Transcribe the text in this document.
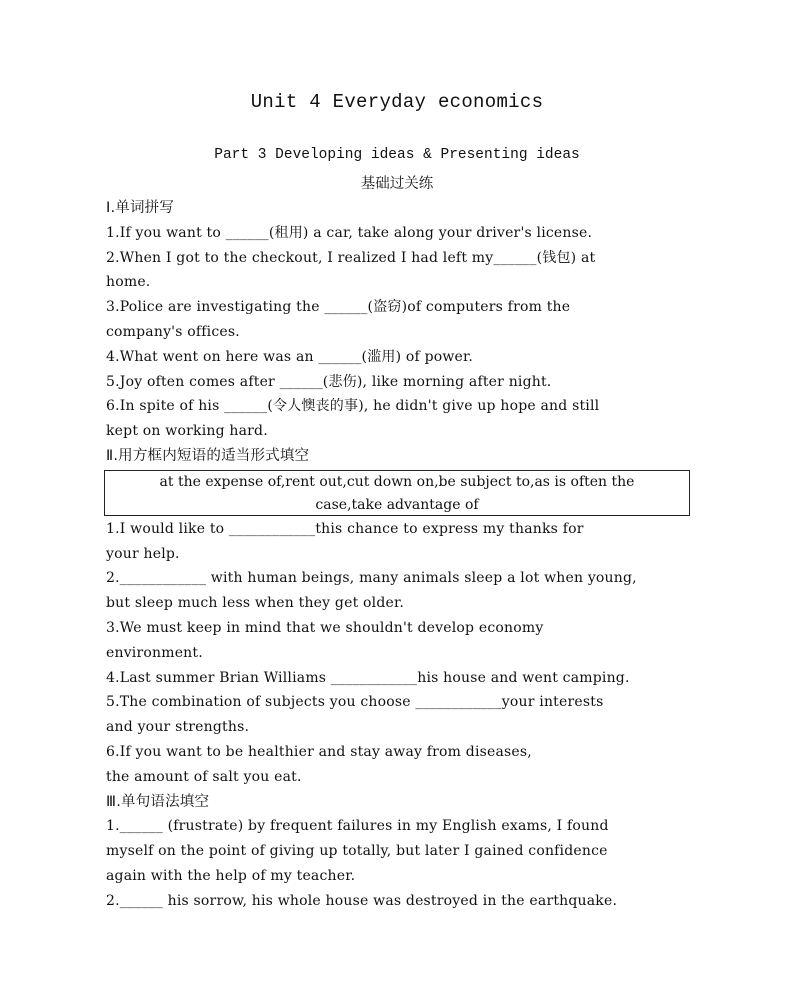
Unit 4 Everyday economics
Part 3 Developing ideas & Presenting ideas
基础过关练
Ⅰ.单词拼写
1.If you want to ______(租用) a car, take along your driver's license.
2.When I got to the checkout, I realized I had left my______(钱包) at
home.
3.Police are investigating the ______(盗窃)of computers from the
company's offices.
4.What went on here was an ______(滥用) of power.
5.Joy often comes after ______(悲伤), like morning after night.
6.In spite of his ______(令人懊丧的事), he didn't give up hope and still
kept on working hard.
Ⅱ.用方框内短语的适当形式填空
at the expense of,rent out,cut down on,be subject to,as is often the
case,take advantage of
1.I would like to ____________this chance to express my thanks for
your help.
2.____________ with human beings, many animals sleep a lot when young,
but sleep much less when they get older.
3.We must keep in mind that we shouldn't develop economy
environment.
4.Last summer Brian Williams ____________his house and went camping.
5.The combination of subjects you choose ____________your interests
and your strengths.
6.If you want to be healthier and stay away from diseases,
the amount of salt you eat.
Ⅲ.单句语法填空
1.______ (frustrate) by frequent failures in my English exams, I found
myself on the point of giving up totally, but later I gained confidence
again with the help of my teacher.
2.______ his sorrow, his whole house was destroyed in the earthquake.
